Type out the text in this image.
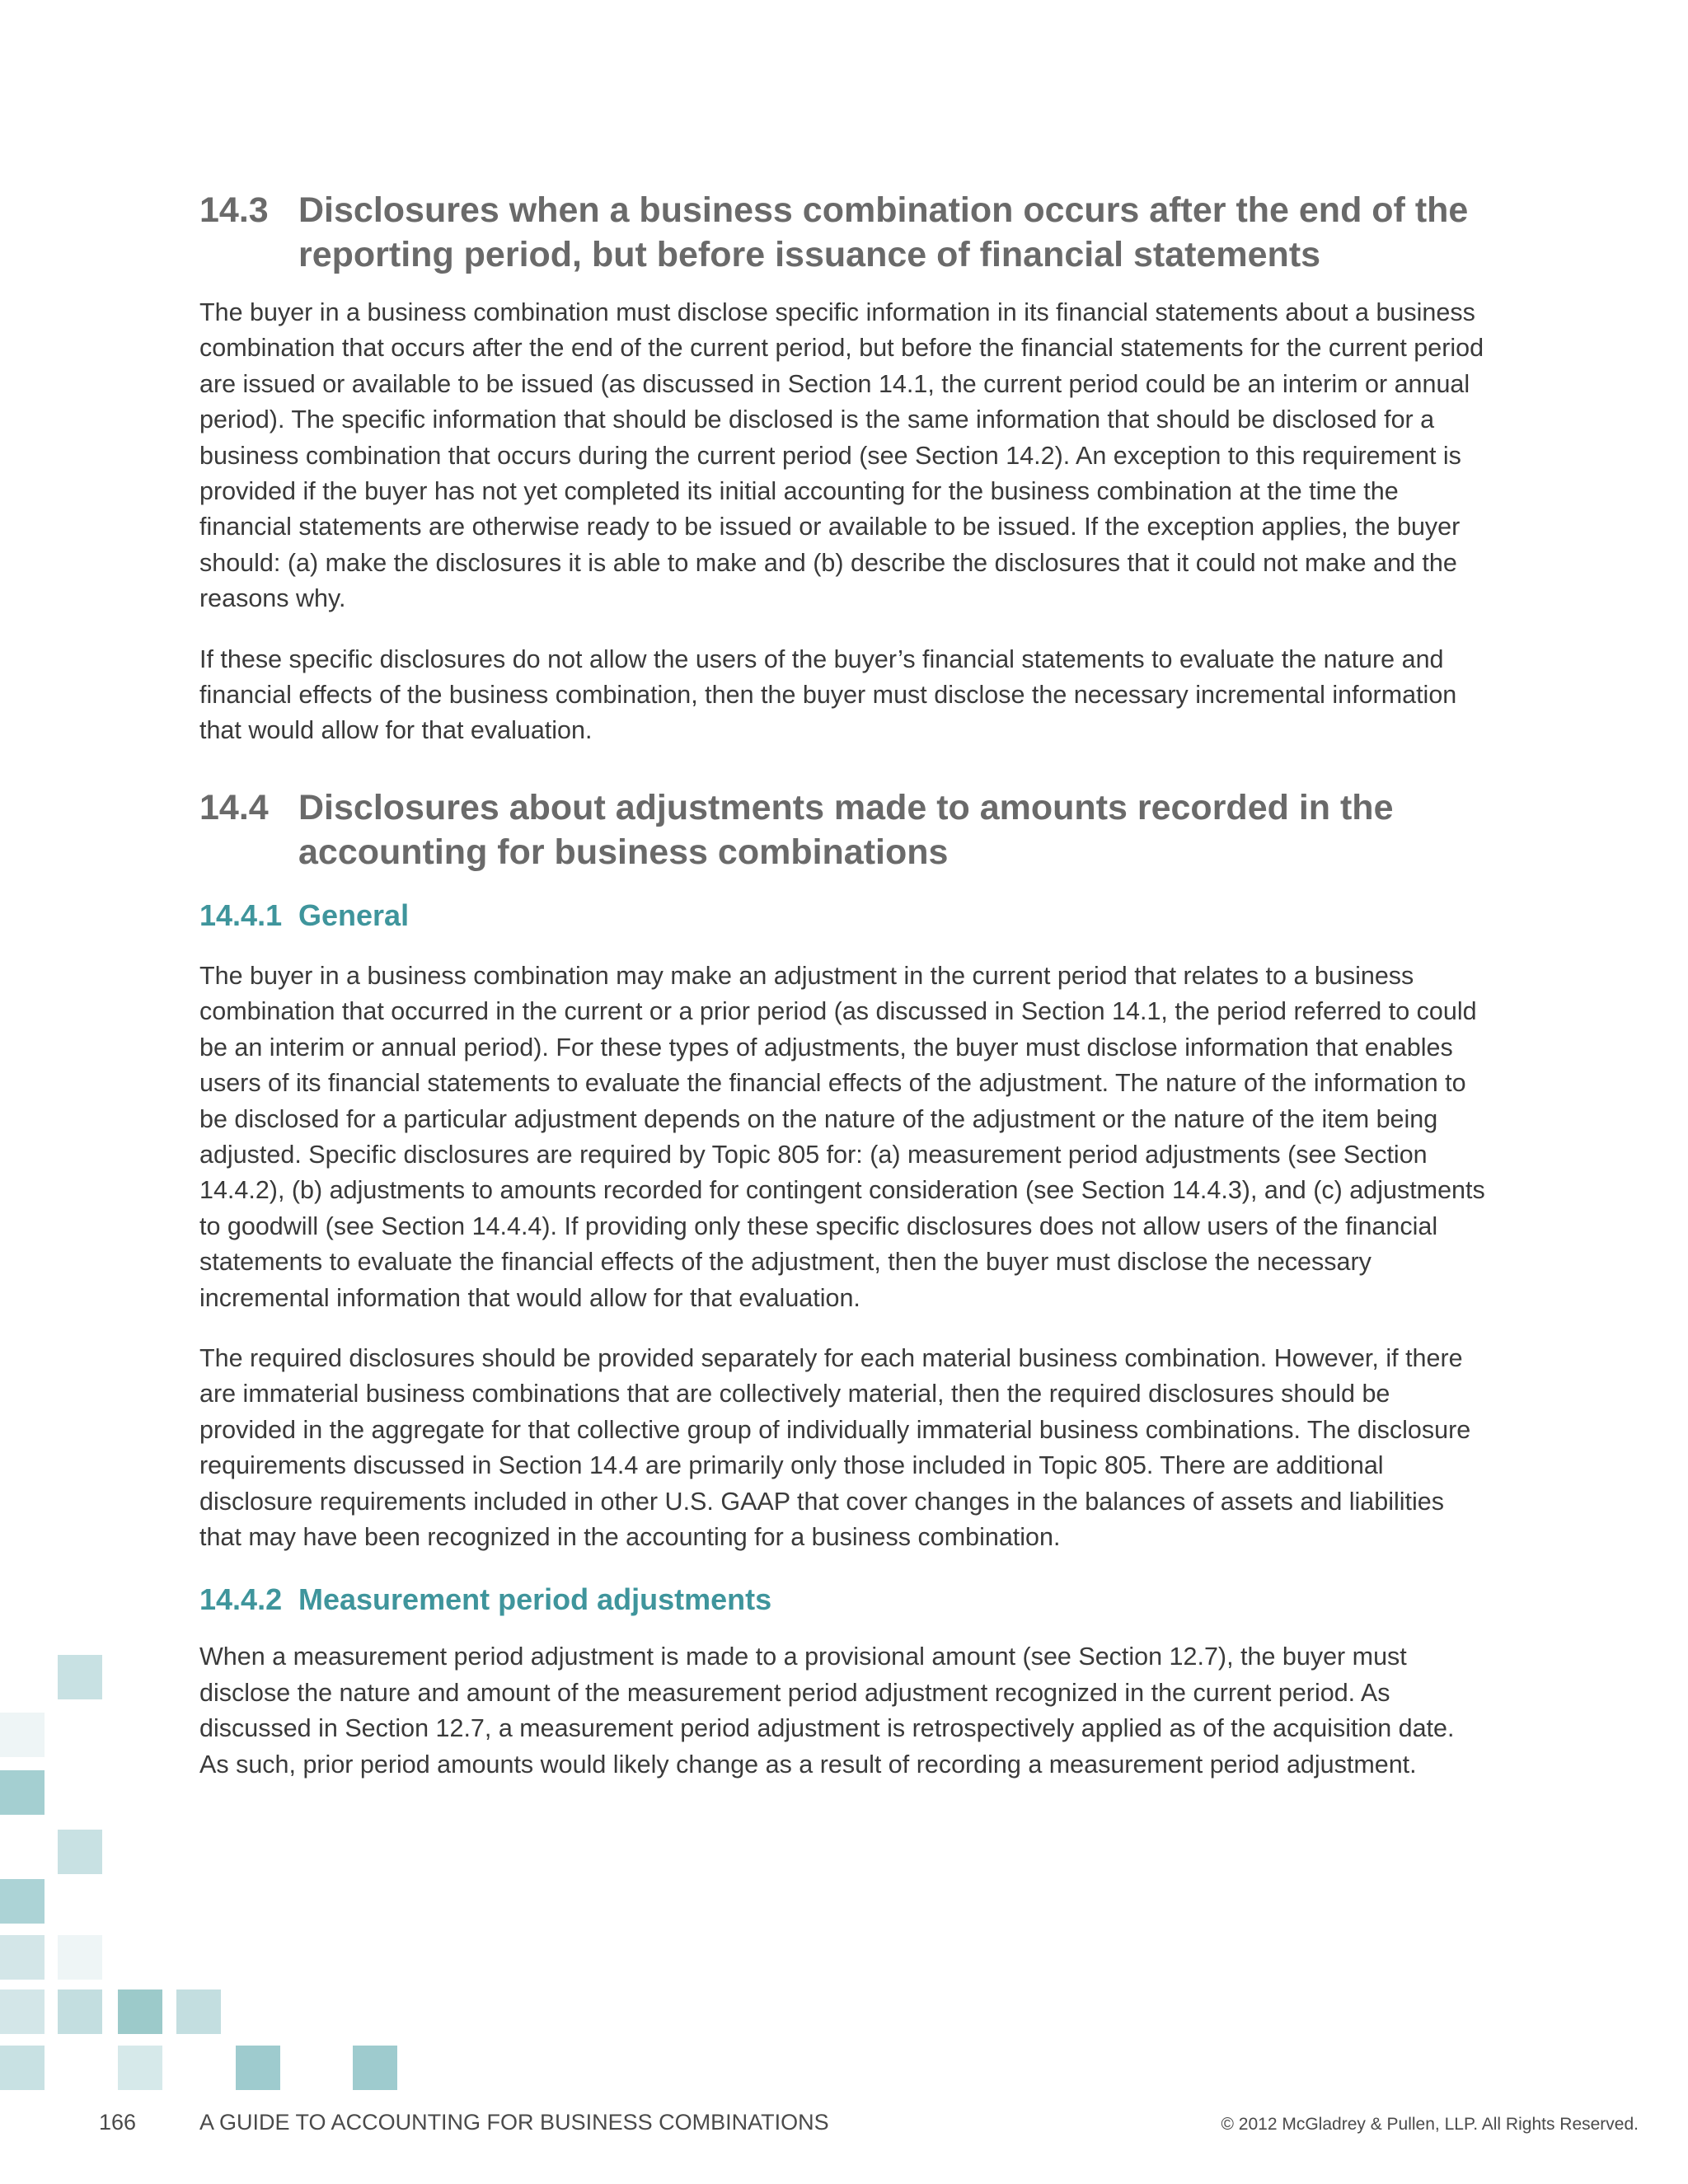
14.3 Disclosures when a business combination occurs after the end of the reporting period, but before issuance of financial statements

The buyer in a business combination must disclose specific information in its financial statements about a business combination that occurs after the end of the current period, but before the financial statements for the current period are issued or available to be issued (as discussed in Section 14.1, the current period could be an interim or annual period). The specific information that should be disclosed is the same information that should be disclosed for a business combination that occurs during the current period (see Section 14.2). An exception to this requirement is provided if the buyer has not yet completed its initial accounting for the business combination at the time the financial statements are otherwise ready to be issued or available to be issued. If the exception applies, the buyer should: (a) make the disclosures it is able to make and (b) describe the disclosures that it could not make and the reasons why.

If these specific disclosures do not allow the users of the buyer’s financial statements to evaluate the nature and financial effects of the business combination, then the buyer must disclose the necessary incremental information that would allow for that evaluation.

14.4 Disclosures about adjustments made to amounts recorded in the accounting for business combinations
14.4.1 General

The buyer in a business combination may make an adjustment in the current period that relates to a business combination that occurred in the current or a prior period (as discussed in Section 14.1, the period referred to could be an interim or annual period). For these types of adjustments, the buyer must disclose information that enables users of its financial statements to evaluate the financial effects of the adjustment. The nature of the information to be disclosed for a particular adjustment depends on the nature of the adjustment or the nature of the item being adjusted. Specific disclosures are required by Topic 805 for: (a) measurement period adjustments (see Section 14.4.2), (b) adjustments to amounts recorded for contingent consideration (see Section 14.4.3), and (c) adjustments to goodwill (see Section 14.4.4). If providing only these specific disclosures does not allow users of the financial statements to evaluate the financial effects of the adjustment, then the buyer must disclose the necessary incremental information that would allow for that evaluation.

The required disclosures should be provided separately for each material business combination. However, if there are immaterial business combinations that are collectively material, then the required disclosures should be provided in the aggregate for that collective group of individually immaterial business combinations. The disclosure requirements discussed in Section 14.4 are primarily only those included in Topic 805. There are additional disclosure requirements included in other U.S. GAAP that cover changes in the balances of assets and liabilities that may have been recognized in the accounting for a business combination.

14.4.2 Measurement period adjustments

When a measurement period adjustment is made to a provisional amount (see Section 12.7), the buyer must disclose the nature and amount of the measurement period adjustment recognized in the current period. As discussed in Section 12.7, a measurement period adjustment is retrospectively applied as of the acquisition date. As such, prior period amounts would likely change as a result of recording a measurement period adjustment.

166	A GUIDE TO ACCOUNTING FOR BUSINESS COMBINATIONS	© 2012 McGladrey & Pullen, LLP. All Rights Reserved.
